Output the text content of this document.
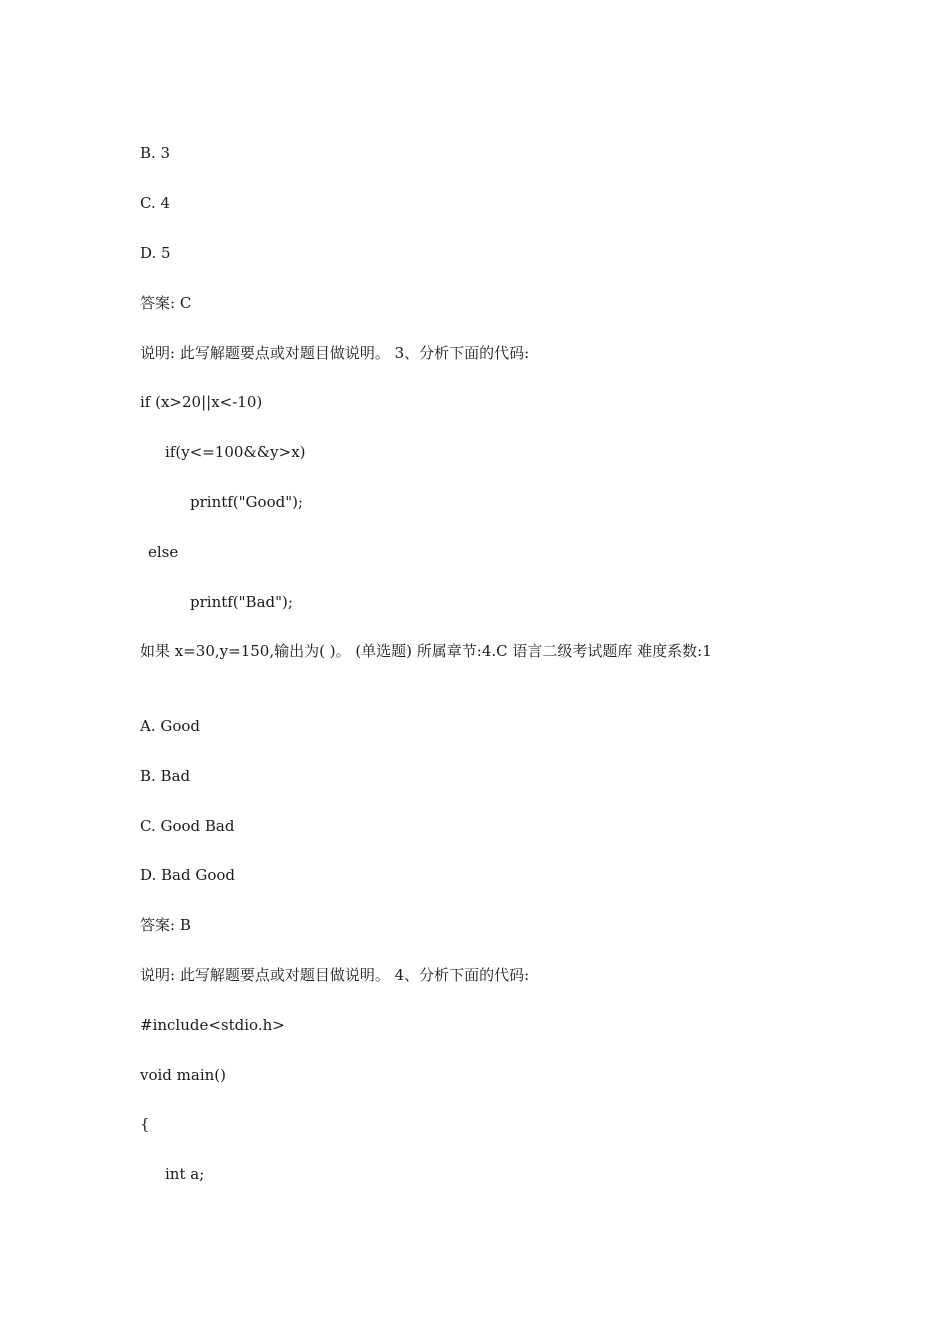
B. 3
C. 4
D. 5
答案: C
说明: 此写解题要点或对题目做说明。 3、分析下面的代码:
if (x>20||x<-10)
if(y<=100&&y>x)
printf("Good");
else
printf("Bad");
如果 x=30,y=150,输出为( )。 (单选题) 所属章节:4.C 语言二级考试题库 难度系数:1
A. Good
B. Bad
C. Good Bad
D. Bad Good
答案: B
说明: 此写解题要点或对题目做说明。 4、分析下面的代码:
#include<stdio.h>
void main()
{
int a;
